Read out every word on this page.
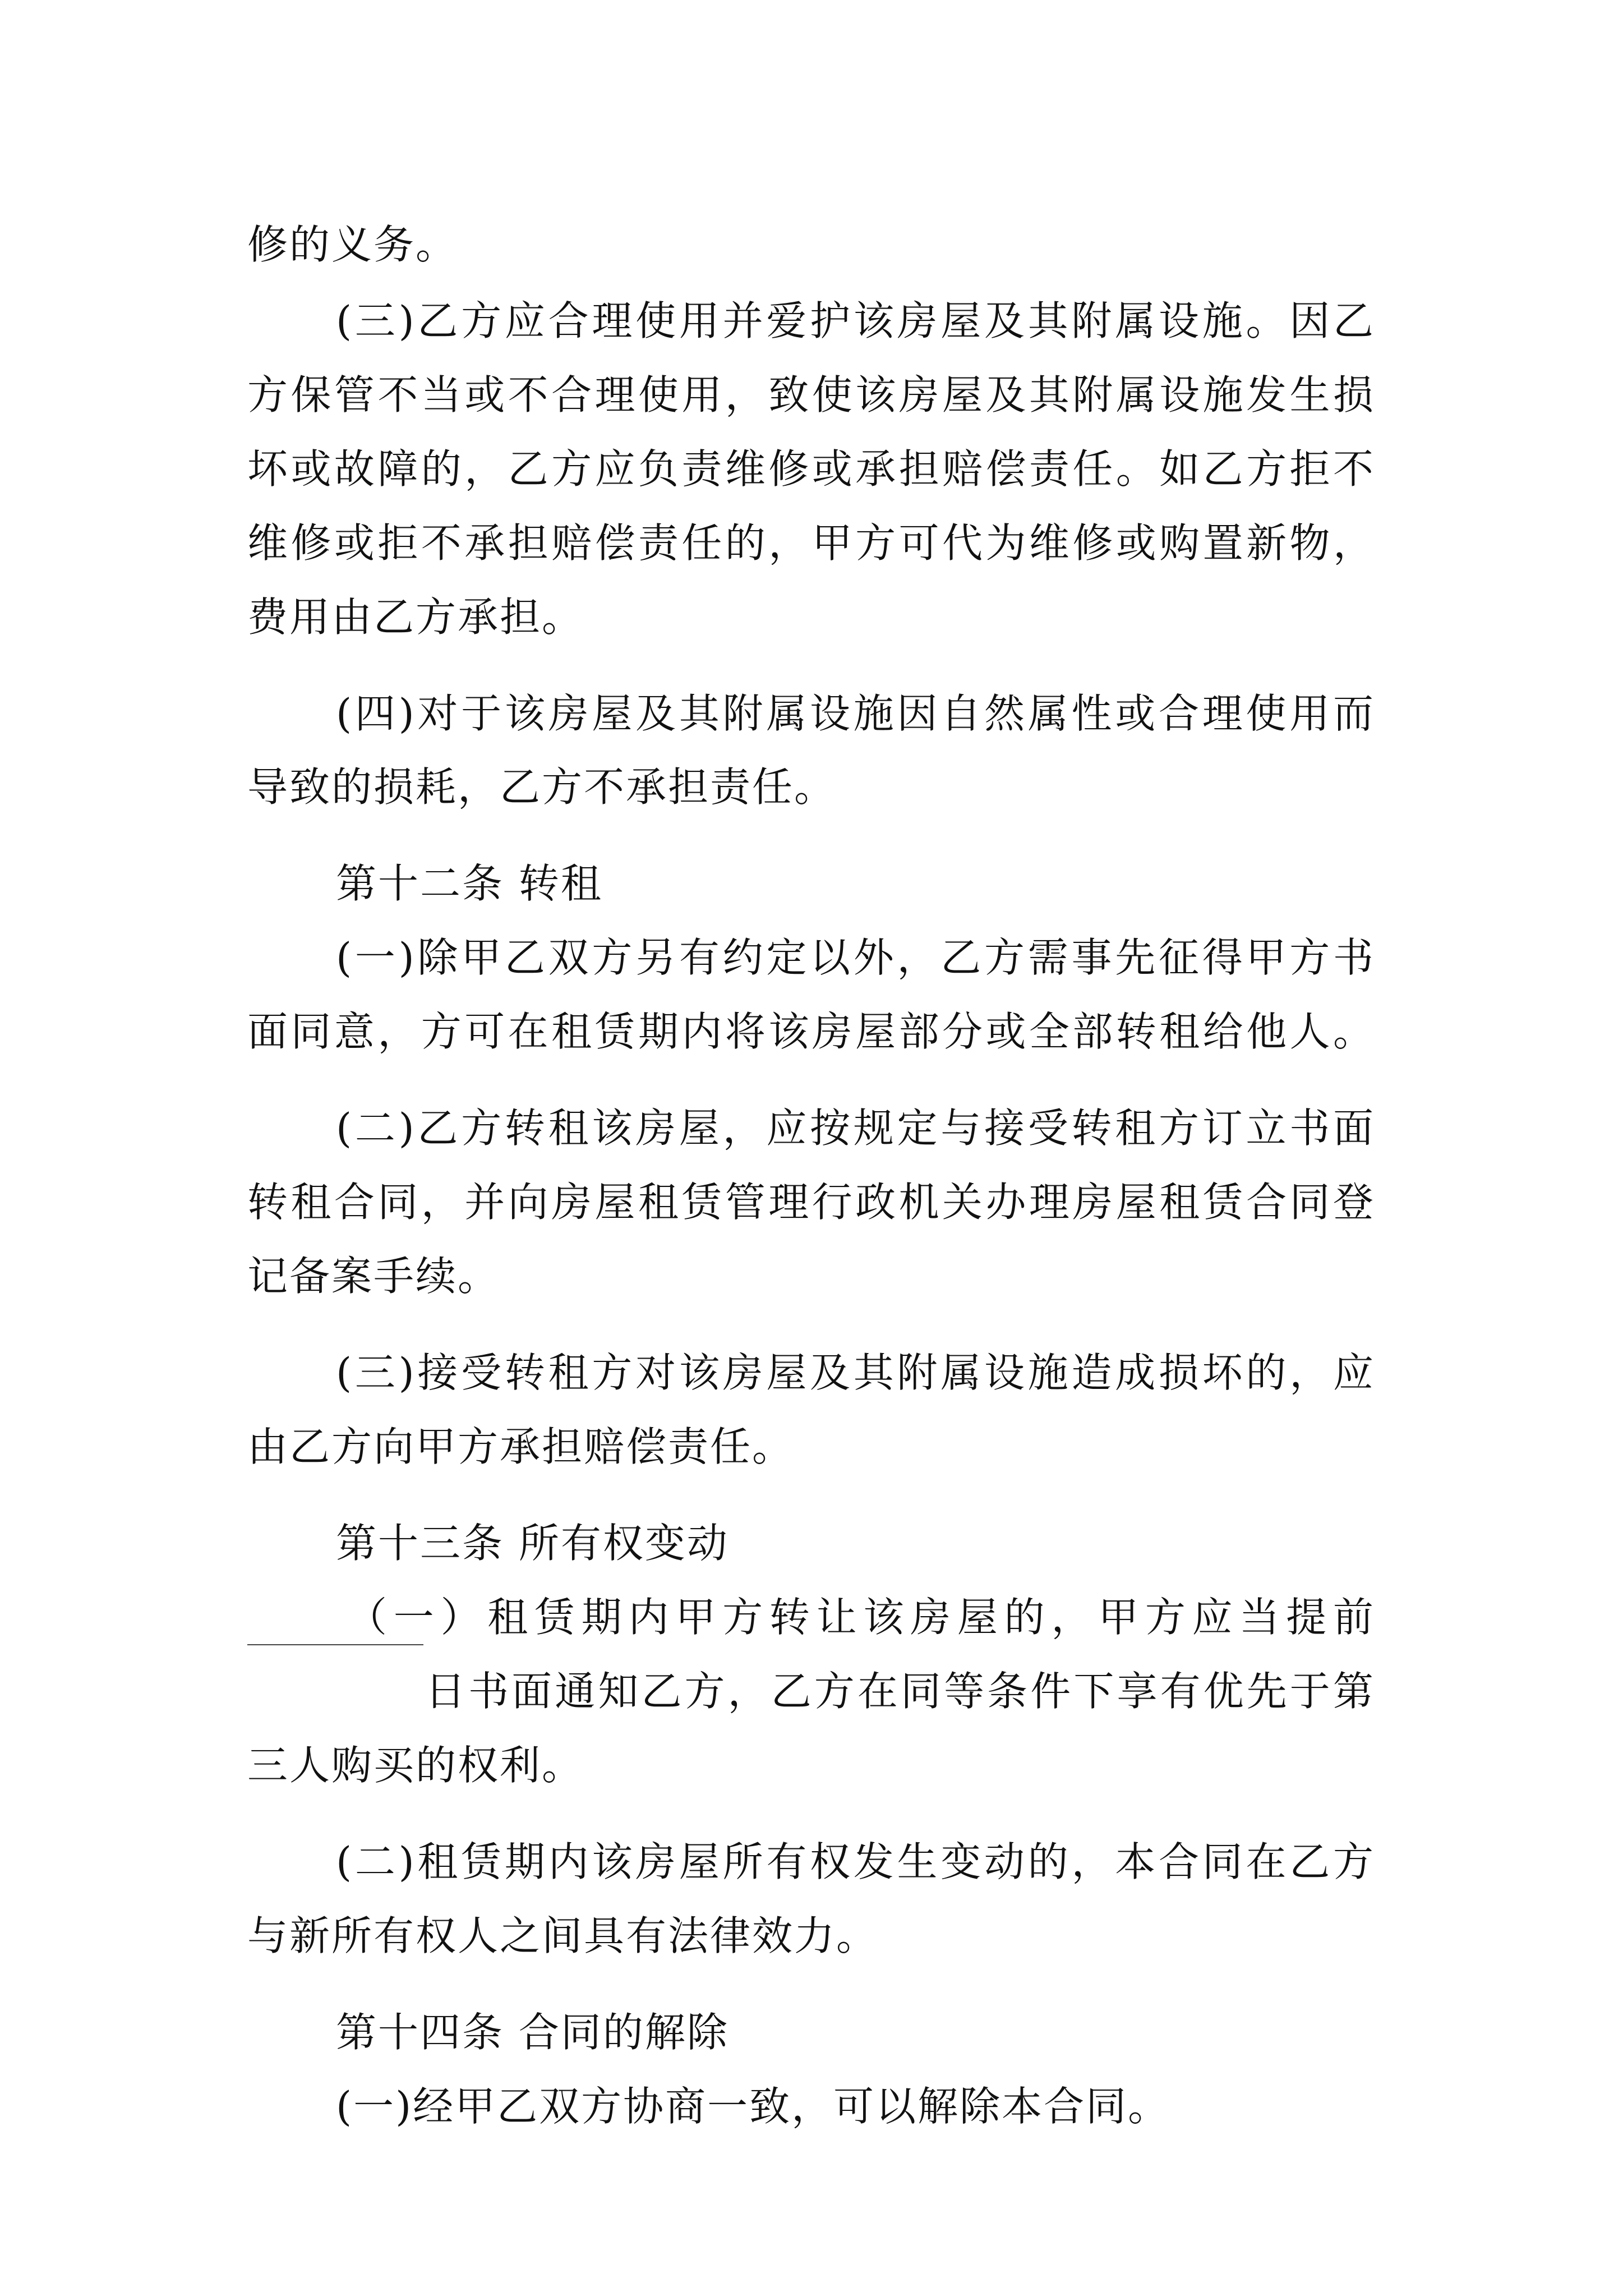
修的义务。
(三)乙方应合理使用并爱护该房屋及其附属设施。因乙
方保管不当或不合理使用，致使该房屋及其附属设施发生损
坏或故障的，乙方应负责维修或承担赔偿责任。如乙方拒不
维修或拒不承担赔偿责任的，甲方可代为维修或购置新物，
费用由乙方承担。
(四)对于该房屋及其附属设施因自然属性或合理使用而
导致的损耗，乙方不承担责任。
第十二条 转租
(一)除甲乙双方另有约定以外，乙方需事先征得甲方书
面同意，方可在租赁期内将该房屋部分或全部转租给他人。
(二)乙方转租该房屋，应按规定与接受转租方订立书面
转租合同，并向房屋租赁管理行政机关办理房屋租赁合同登
记备案手续。
(三)接受转租方对该房屋及其附属设施造成损坏的，应
由乙方向甲方承担赔偿责任。
第十三条 所有权变动
（一）租赁期内甲方转让该房屋的，甲方应当提前
日书面通知乙方，乙方在同等条件下享有优先于第
三人购买的权利。
(二)租赁期内该房屋所有权发生变动的，本合同在乙方
与新所有权人之间具有法律效力。
第十四条 合同的解除
(一)经甲乙双方协商一致，可以解除本合同。
